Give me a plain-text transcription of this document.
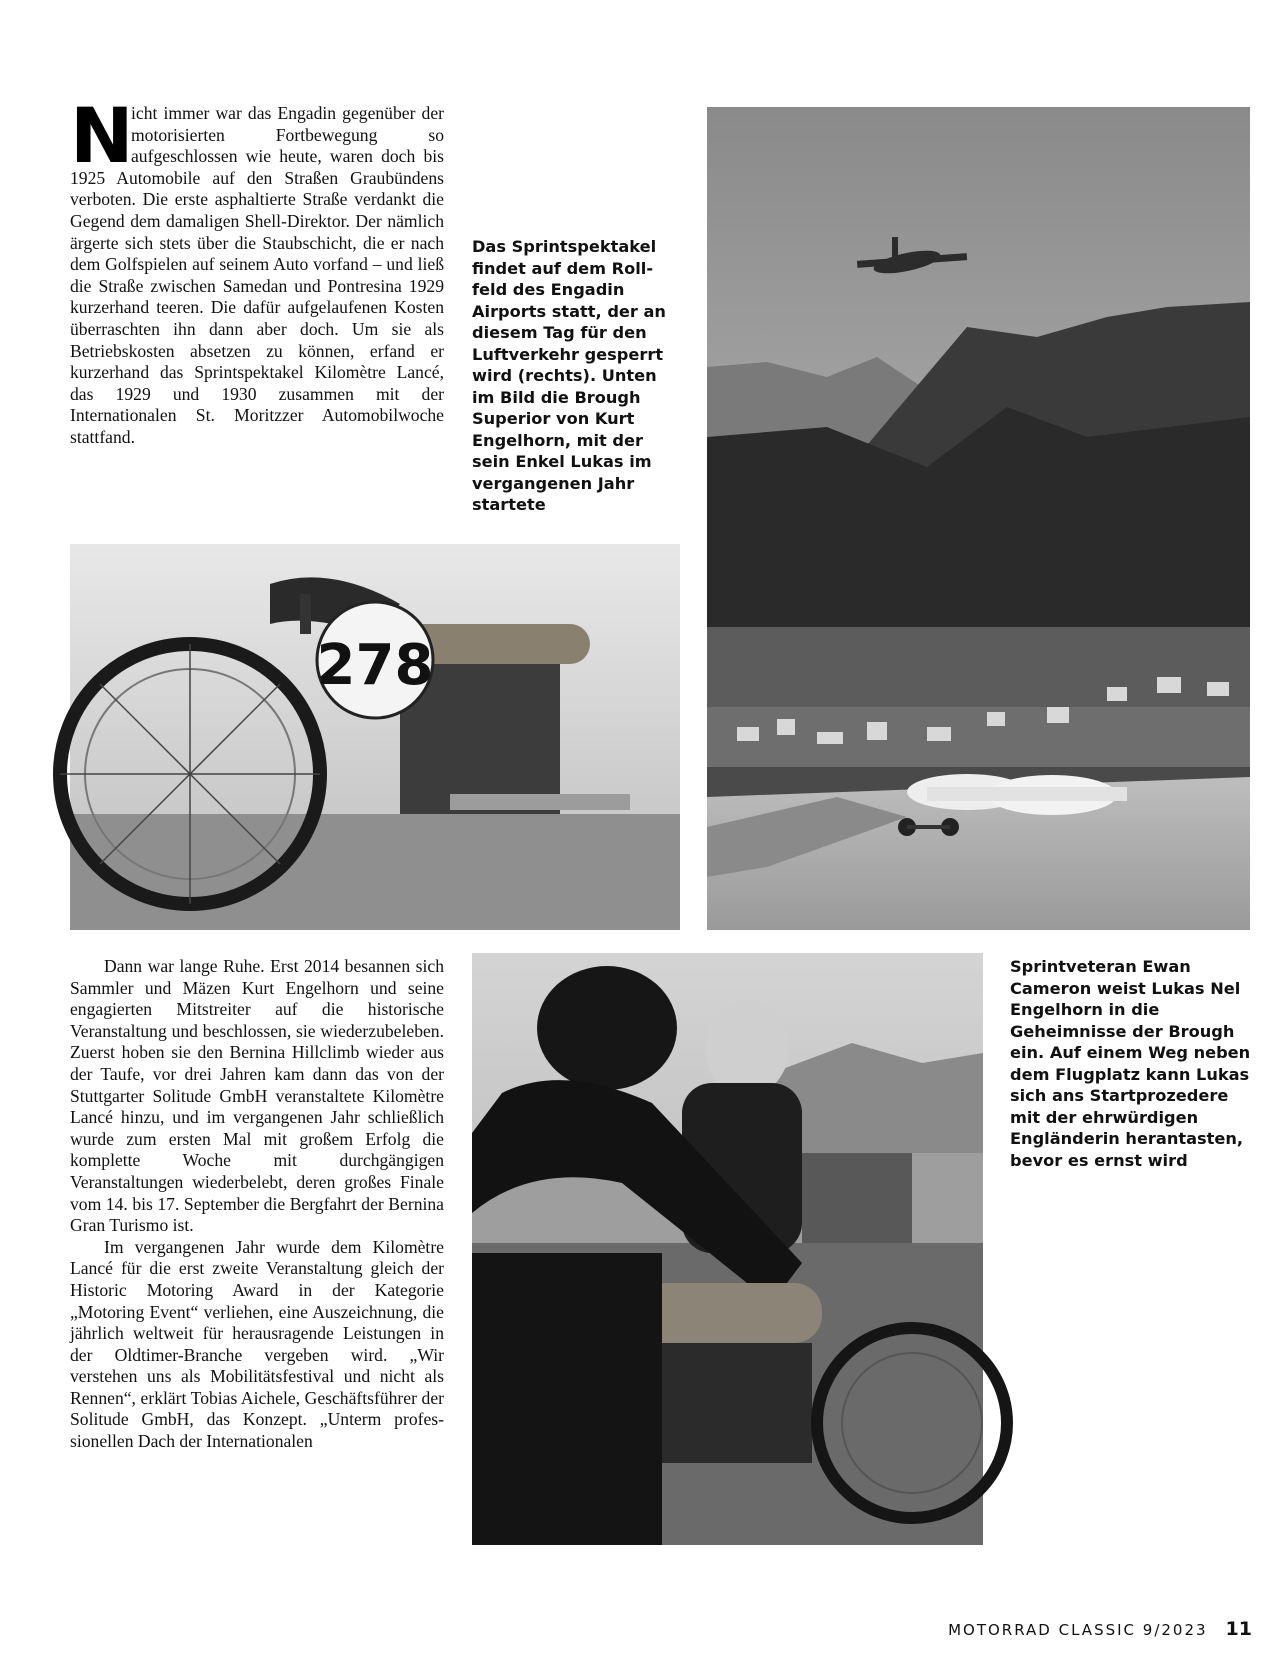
N
icht immer war das Engadin gegenüber der motorisierten Fortbewegung so aufgeschlossen wie heute, waren doch bis 1925 Automobile auf den Straßen Graubündens verboten. Die erste asphaltierte Straße verdankt die Gegend dem damaligen Shell-Direktor. Der nämlich ärgerte sich stets über die Staubschicht, die er nach dem Golfspielen auf seinem Auto vorfand – und ließ die Straße zwischen Samedan und Pontresina 1929 kurzerhand teeren. Die dafür aufgelaufenen Kosten überraschten ihn dann aber doch. Um sie als Betriebskosten absetzen zu können, erfand er kurzerhand das Sprintspektakel Kilomètre Lancé, das 1929 und 1930 zusammen mit der Internationalen St. Moritzzer Automobilwoche stattfand.
Das Sprintspektakel findet auf dem Rollfeld des Engadin Airports statt, der an diesem Tag für den Luftverkehr gesperrt wird (rechts). Unten im Bild die Brough Superior von Kurt Engelhorn, mit der sein Enkel Lukas im vergangenen Jahr startete
278

Dann war lange Ruhe. Erst 2014 besannen sich Sammler und Mäzen Kurt Engelhorn und seine engagierten Mitstreiter auf die historische Veranstaltung und beschlossen, sie wiederzubeleben. Zuerst hoben sie den Bernina Hillclimb wieder aus der Taufe, vor drei Jahren kam dann das von der Stuttgarter Solitude GmbH veranstaltete Kilomètre Lancé hinzu, und im vergangenen Jahr schließlich wurde zum ersten Mal mit großem Erfolg die komplette Woche mit durchgängigen Veranstaltungen wiederbelebt, deren großes Finale vom 14. bis 17. September die Bergfahrt der Bernina Gran Turismo ist.

Im vergangenen Jahr wurde dem Kilomètre Lancé für die erst zweite Veranstaltung gleich der Historic Motoring Award in der Kategorie „Motoring Event“ verliehen, eine Auszeichnung, die jährlich weltweit für herausragende Leistungen in der Oldtimer-Branche vergeben wird. „Wir verstehen uns als Mobilitätsfestival und nicht als Rennen“, erklärt Tobias Aichele, Geschäftsführer der Solitude GmbH, das Konzept. „Unterm professionellen Dach der Internationalen

Sprintveteran Ewan Cameron weist Lukas Nel Engelhorn in die Geheimnisse der Brough ein. Auf einem Weg neben dem Flugplatz kann Lukas sich ans Startprozedere mit der ehrwürdigen Engländerin herantasten, bevor es ernst wird
MOTORRAD CLASSIC 9/2023 11
